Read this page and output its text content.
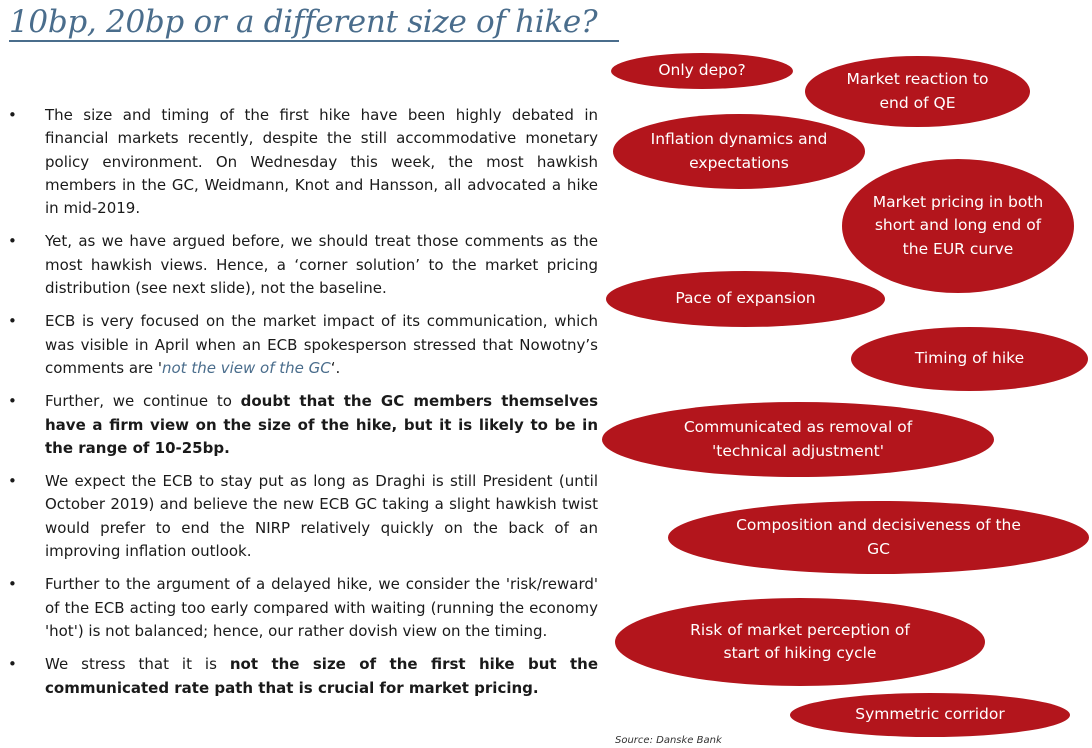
10bp, 20bp or a different size of hike?
• The size and timing of the first hike have been highly debated in financial markets recently, despite the still accommodative monetary policy environment. On Wednesday this week, the most hawkish members in the GC, Weidmann, Knot and Hansson, all advocated a hike in mid-2019.
• Yet, as we have argued before, we should treat those comments as the most hawkish views. Hence, a ‘corner solution’ to the market pricing distribution (see next slide), not the baseline.
• ECB is very focused on the market impact of its communication, which was visible in April when an ECB spokesperson stressed that Nowotny’s comments are 'not the view of the GC‘.
• Further, we continue to doubt that the GC members themselves have a firm view on the size of the hike, but it is likely to be in the range of 10-25bp.
• We expect the ECB to stay put as long as Draghi is still President (until October 2019) and believe the new ECB GC taking a slight hawkish twist would prefer to end the NIRP relatively quickly on the back of an improving inflation outlook.
• Further to the argument of a delayed hike, we consider the 'risk/reward' of the ECB acting too early compared with waiting (running the economy 'hot') is not balanced; hence, our rather dovish view on the timing.
• We stress that it is not the size of the first hike but the communicated rate path that is crucial for market pricing.
Only depo?	Market reaction to end of QE
Inflation dynamics and expectations
Market pricing in both short and long end of the EUR curve
Pace of expansion
Timing of hike
Communicated as removal of 'technical adjustment'
Composition and decisiveness of the GC
Risk of market perception of start of hiking cycle
Symmetric corridor
Source: Danske Bank
